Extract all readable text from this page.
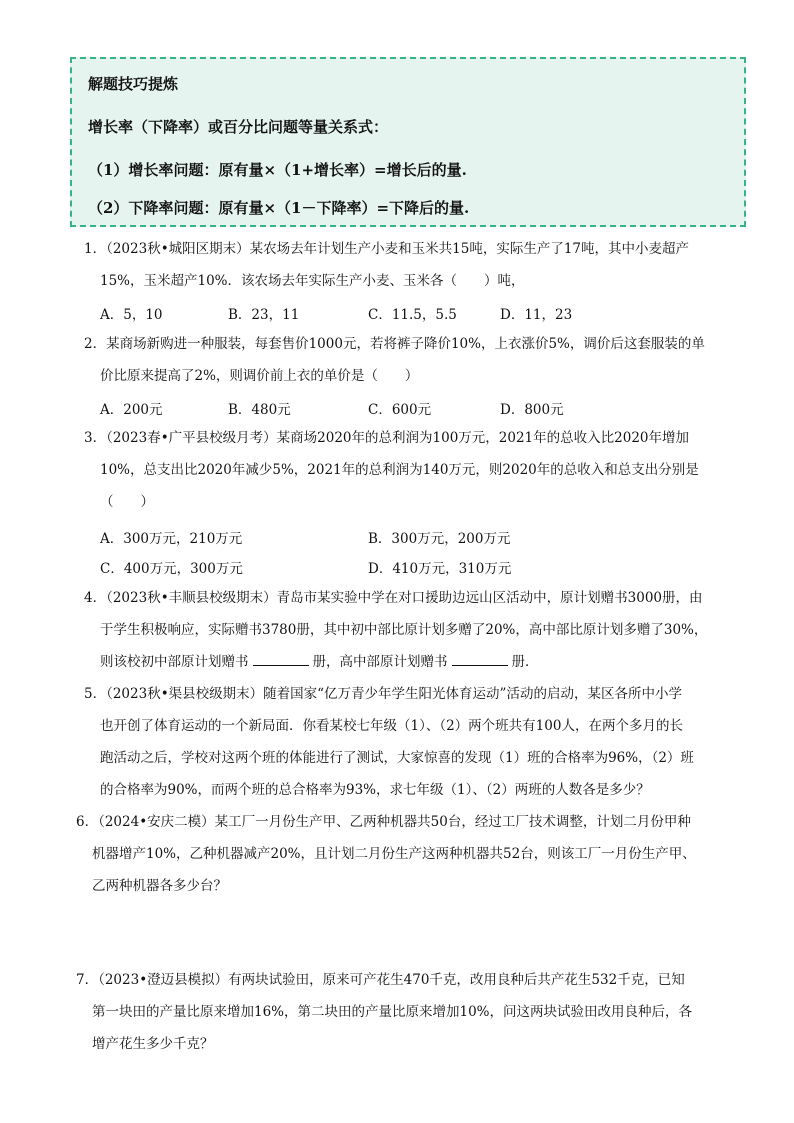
解题技巧提炼
增长率（下降率）或百分比问题等量关系式：
（1）增长率问题：原有量×（1+增长率）=增长后的量.
（2）下降率问题：原有量×（1－下降率）=下降后的量.
1．（2023秋•城阳区期末）某农场去年计划生产小麦和玉米共15吨，实际生产了17吨，其中小麦超产
15%，玉米超产10%．该农场去年实际生产小麦、玉米各（　　）吨，
A．5，10	B．23，11	C．11.5，5.5	D．11，23
2．某商场新购进一种服装，每套售价1000元，若将裤子降价10%，上衣涨价5%，调价后这套服装的单
价比原来提高了2%，则调价前上衣的单价是（　　）
A．200元	B．480元	C．600元	D．800元
3．（2023春•广平县校级月考）某商场2020年的总利润为100万元，2021年的总收入比2020年增加
10%，总支出比2020年减少5%，2021年的总利润为140万元，则2020年的总收入和总支出分别是
（　　）
A．300万元，210万元	B．300万元，200万元
C．400万元，300万元	D．410万元，310万元
4．（2023秋•丰顺县校级期末）青岛市某实验中学在对口援助边远山区活动中，原计划赠书3000册，由
于学生积极响应，实际赠书3780册，其中初中部比原计划多赠了20%，高中部比原计划多赠了30%，
则该校初中部原计划赠书	册，高中部原计划赠书	册．
5．（2023秋•渠县校级期末）随着国家“亿万青少年学生阳光体育运动”活动的启动，某区各所中小学
也开创了体育运动的一个新局面．你看某校七年级（1）、（2）两个班共有100人，在两个多月的长
跑活动之后，学校对这两个班的体能进行了测试，大家惊喜的发现（1）班的合格率为96%，（2）班
的合格率为90%，而两个班的总合格率为93%，求七年级（1）、（2）两班的人数各是多少？
6．（2024•安庆二模）某工厂一月份生产甲、乙两种机器共50台，经过工厂技术调整，计划二月份甲种
机器增产10%，乙种机器减产20%，且计划二月份生产这两种机器共52台，则该工厂一月份生产甲、
乙两种机器各多少台？
7．（2023•澄迈县模拟）有两块试验田，原来可产花生470千克，改用良种后共产花生532千克，已知
第一块田的产量比原来增加16%，第二块田的产量比原来增加10%，问这两块试验田改用良种后，各
增产花生多少千克？
